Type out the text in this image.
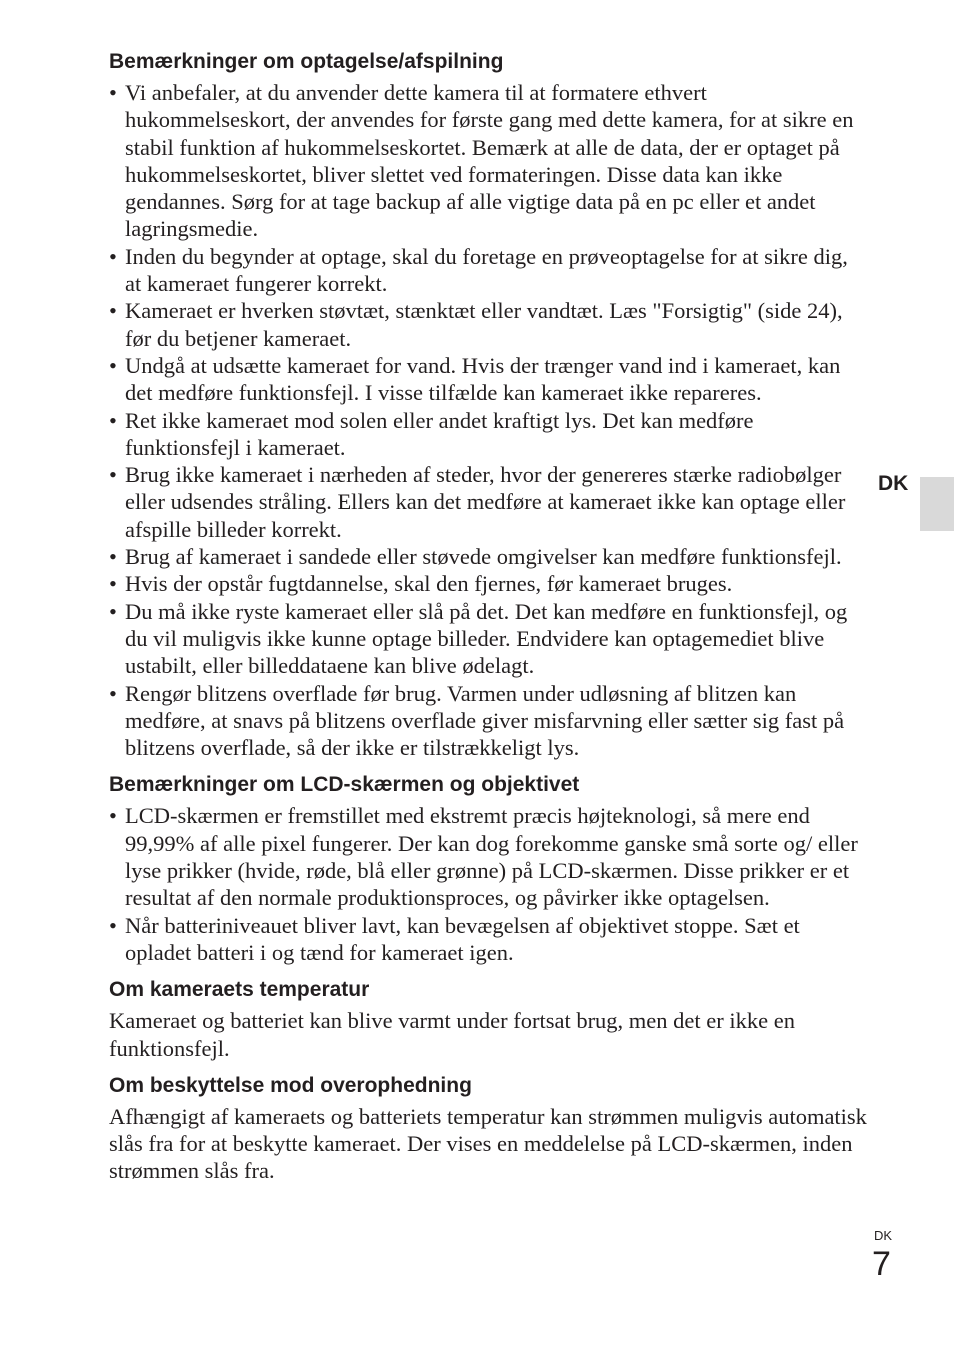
Bemærkninger om optagelse/afspilning
• Vi anbefaler, at du anvender dette kamera til at formatere ethvert hukommelseskort, der anvendes for første gang med dette kamera, for at sikre en stabil funktion af hukommelseskortet. Bemærk at alle de data, der er optaget på hukommelseskortet, bliver slettet ved formateringen. Disse data kan ikke gendannes. Sørg for at tage backup af alle vigtige data på en pc eller et andet lagringsmedie.
• Inden du begynder at optage, skal du foretage en prøveoptagelse for at sikre dig, at kameraet fungerer korrekt.
• Kameraet er hverken støvtæt, stænktæt eller vandtæt. Læs "Forsigtig" (side 24), før du betjener kameraet.
• Undgå at udsætte kameraet for vand. Hvis der trænger vand ind i kameraet, kan det medføre funktionsfejl. I visse tilfælde kan kameraet ikke repareres.
• Ret ikke kameraet mod solen eller andet kraftigt lys. Det kan medføre funktionsfejl i kameraet.
• Brug ikke kameraet i nærheden af steder, hvor der genereres stærke radiobølger eller udsendes stråling. Ellers kan det medføre at kameraet ikke kan optage eller afspille billeder korrekt.
• Brug af kameraet i sandede eller støvede omgivelser kan medføre funktionsfejl.
• Hvis der opstår fugtdannelse, skal den fjernes, før kameraet bruges.
• Du må ikke ryste kameraet eller slå på det. Det kan medføre en funktionsfejl, og du vil muligvis ikke kunne optage billeder. Endvidere kan optagemediet blive ustabilt, eller billeddataene kan blive ødelagt.
• Rengør blitzens overflade før brug. Varmen under udløsning af blitzen kan medføre, at snavs på blitzens overflade giver misfarvning eller sætter sig fast på blitzens overflade, så der ikke er tilstrækkeligt lys.
Bemærkninger om LCD-skærmen og objektivet
• LCD-skærmen er fremstillet med ekstremt præcis højteknologi, så mere end 99,99% af alle pixel fungerer. Der kan dog forekomme ganske små sorte og/ eller lyse prikker (hvide, røde, blå eller grønne) på LCD-skærmen. Disse prikker er et resultat af den normale produktionsproces, og påvirker ikke optagelsen.
• Når batteriniveauet bliver lavt, kan bevægelsen af objektivet stoppe. Sæt et opladet batteri i og tænd for kameraet igen.
Om kameraets temperatur

Kameraet og batteriet kan blive varmt under fortsat brug, men det er ikke en funktionsfejl.

Om beskyttelse mod overophedning

Afhængigt af kameraets og batteriets temperatur kan strømmen muligvis automatisk slås fra for at beskytte kameraet. Der vises en meddelelse på LCD-skærmen, inden strømmen slås fra.

DK
DK
7
